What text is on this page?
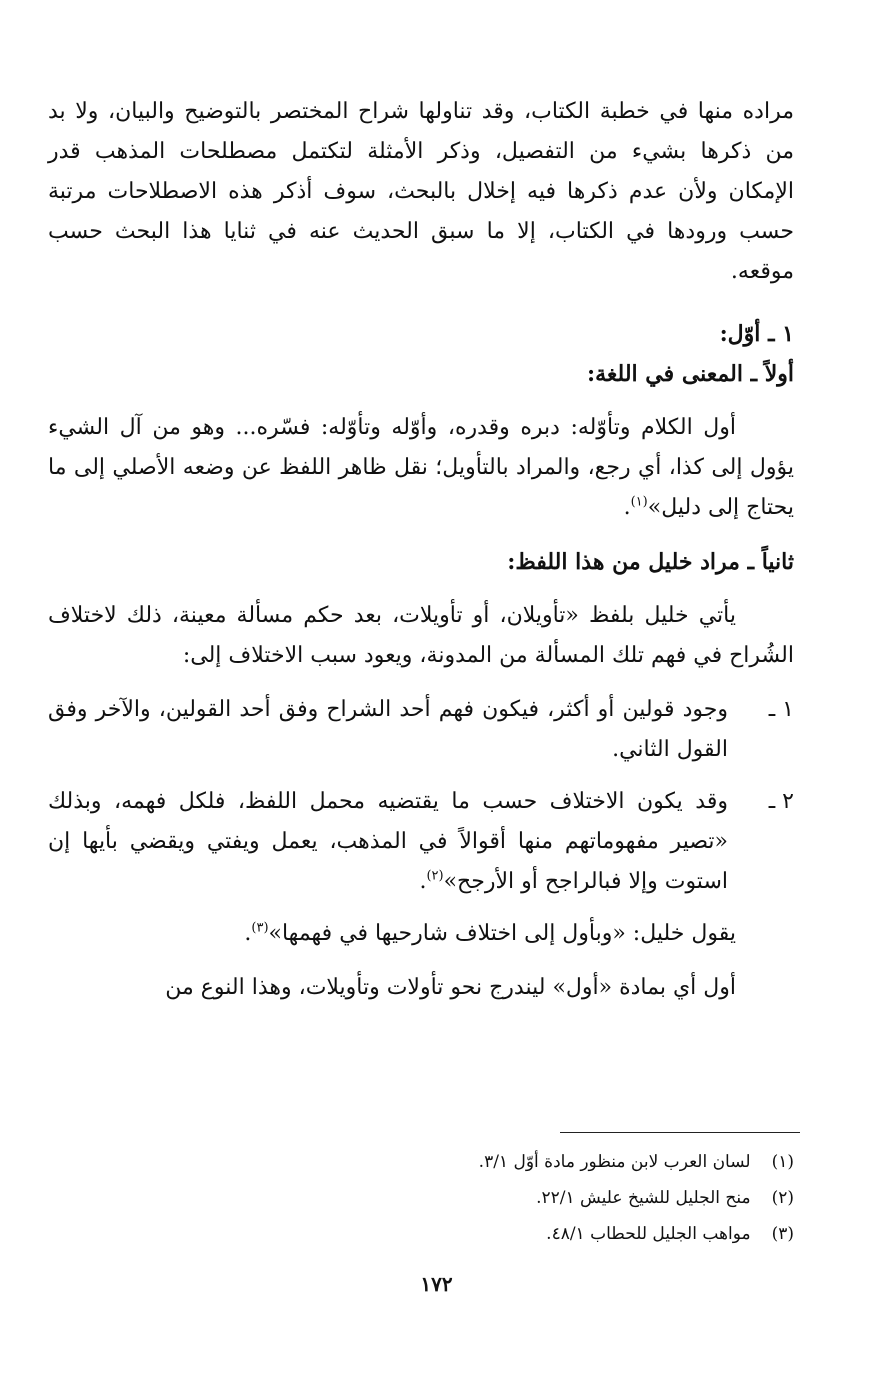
مراده منها في خطبة الكتاب، وقد تناولها شراح المختصر بالتوضيح والبيان، ولا بد من ذكرها بشيء من التفصيل، وذكر الأمثلة لتكتمل مصطلحات المذهب قدر الإمكان ولأن عدم ذكرها فيه إخلال بالبحث، سوف أذكر هذه الاصطلاحات مرتبة حسب ورودها في الكتاب، إلا ما سبق الحديث عنه في ثنايا هذا البحث حسب موقعه.

١ ـ أوّل:

أولاً ـ المعنى في اللغة:

أول الكلام وتأوّله: دبره وقدره، وأوّله وتأوّله: فسّره... وهو من آل الشيء يؤول إلى كذا، أي رجع، والمراد بالتأويل؛ نقل ظاهر اللفظ عن وضعه الأصلي إلى ما يحتاج إلى دليل»$^{(١)}$.

ثانياً ـ مراد خليل من هذا اللفظ:

يأتي خليل بلفظ «تأويلان، أو تأويلات، بعد حكم مسألة معينة، ذلك لاختلاف الشُراح في فهم تلك المسألة من المدونة، ويعود سبب الاختلاف إلى:

١ ـ
وجود قولين أو أكثر، فيكون فهم أحد الشراح وفق أحد القولين، والآخر وفق القول الثاني.
٢ ـ
وقد يكون الاختلاف حسب ما يقتضيه محمل اللفظ، فلكل فهمه، وبذلك «تصير مفهوماتهم منها أقوالاً في المذهب، يعمل ويفتي ويقضي بأيها إن استوت وإلا فبالراجح أو الأرجح»$^{(٢)}$.

يقول خليل: «وبأول إلى اختلاف شارحيها في فهمها»$^{(٣)}$.

أول أي بمادة «أول» ليندرج نحو تأولات وتأويلات، وهذا النوع من

(١) لسان العرب لابن منظور مادة أوّل ٣/١.

(٢) منح الجليل للشيخ عليش ٢٢/١.

(٣) مواهب الجليل للحطاب ٤٨/١.

١٧٢
